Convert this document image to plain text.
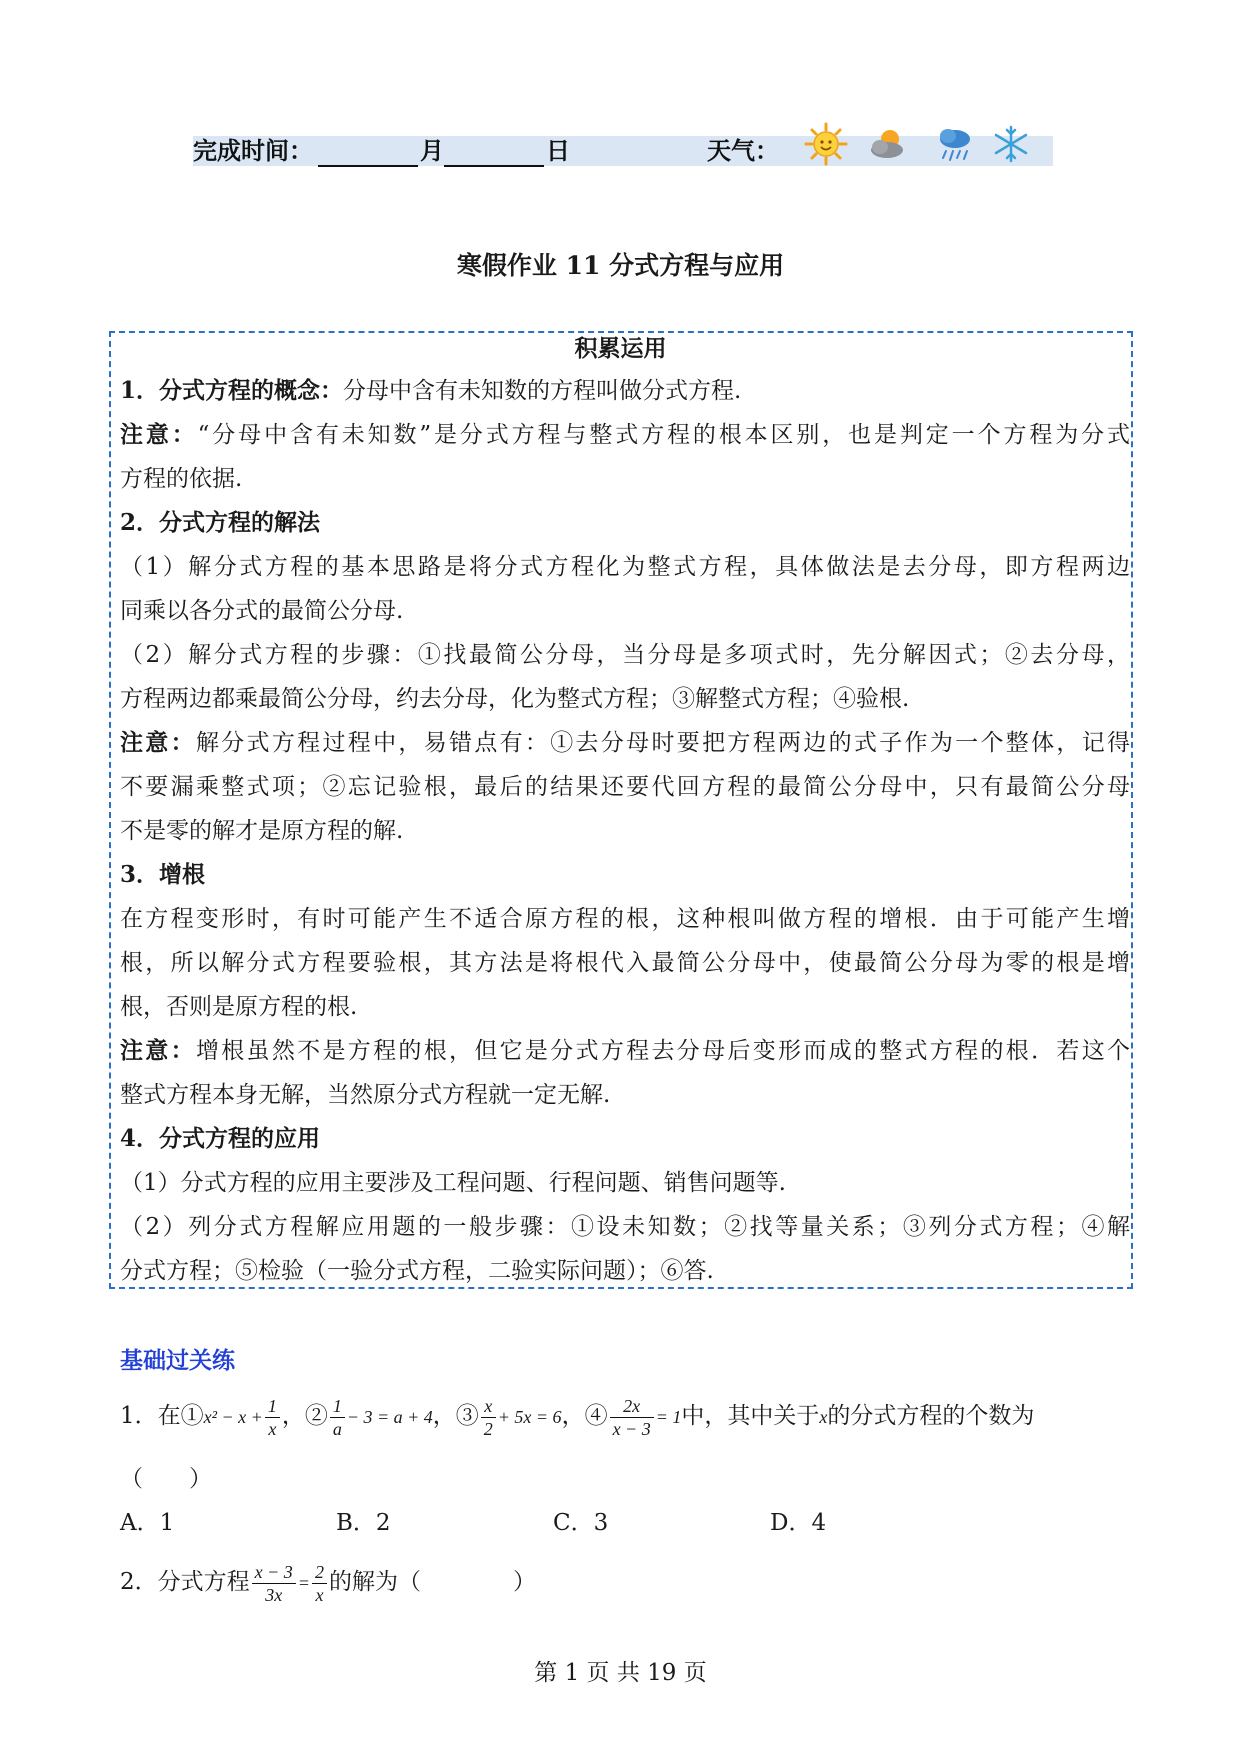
完成时间：	月	日	天气：
寒假作业 11 分式方程与应用
积累运用
1．分式方程的概念：分母中含有未知数的方程叫做分式方程.
注意：“分母中含有未知数”是分式方程与整式方程的根本区别，也是判定一个方程为分式
方程的依据.
2．分式方程的解法
（1）解分式方程的基本思路是将分式方程化为整式方程，具体做法是去分母，即方程两边
同乘以各分式的最简公分母.
（2）解分式方程的步骤：①找最简公分母，当分母是多项式时，先分解因式；②去分母，
方程两边都乘最简公分母，约去分母，化为整式方程；③解整式方程；④验根.
注意：解分式方程过程中，易错点有：①去分母时要把方程两边的式子作为一个整体，记得
不要漏乘整式项；②忘记验根，最后的结果还要代回方程的最简公分母中，只有最简公分母
不是零的解才是原方程的解.
3．增根
在方程变形时，有时可能产生不适合原方程的根，这种根叫做方程的增根．由于可能产生增
根，所以解分式方程要验根，其方法是将根代入最简公分母中，使最简公分母为零的根是增
根，否则是原方程的根.
注意：增根虽然不是方程的根，但它是分式方程去分母后变形而成的整式方程的根．若这个
整式方程本身无解，当然原分式方程就一定无解.
4．分式方程的应用
（1）分式方程的应用主要涉及工程问题、行程问题、销售问题等.
（2）列分式方程解应用题的一般步骤：①设未知数；②找等量关系；③列分式方程；④解
分式方程；⑤检验（一验分式方程，二验实际问题）；⑥答.
基础过关练
1．在①x² − $x + \frac{1}{x}$ ，② $\frac{1}{a} - 3 = a + 4$，③ $\frac{x}{2} + 5x = 6$，④ $\frac{2x}{x - 3} = 1$中，其中关于x的分式方程的个数为
（　　）
A．1	B．2	C．3	D．4
2．分式方程 $\frac{x - 3}{3x} = \frac{2}{x}$ 的解为（　　　　）
第 1 页 共 19 页
